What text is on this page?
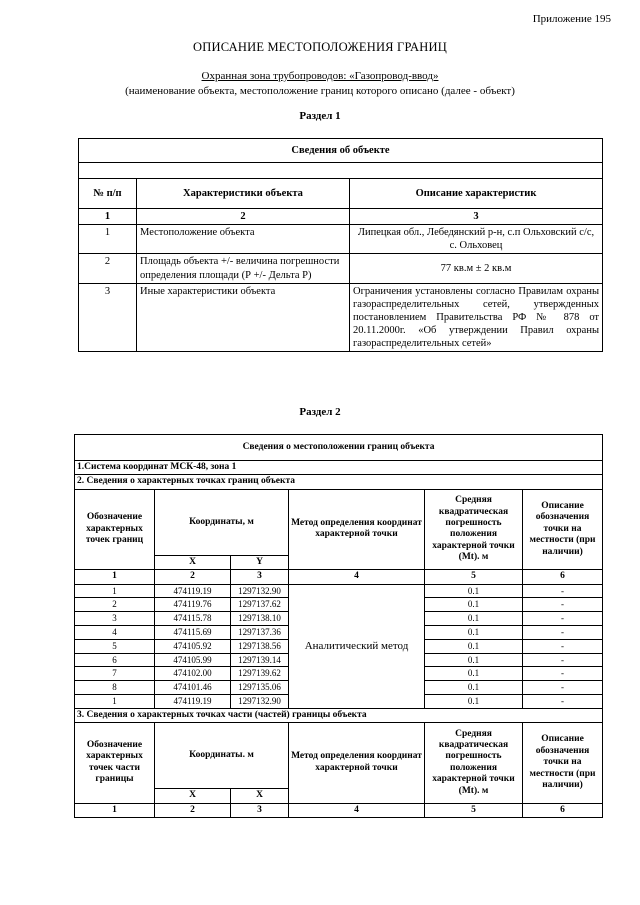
Приложение 195
ОПИСАНИЕ МЕСТОПОЛОЖЕНИЯ ГРАНИЦ
Охранная зона трубопроводов: «Газопровод-ввод»
(наименование объекта, местоположение границ которого описано (далее - объект)
Раздел 1
Сведения об объекте		

№ п/п	Характеристики объекта	Описание характеристик
1	2	3
1	Местоположение объекта	Липецкая обл., Лебедянский р-н, с.п Ольховский с/с, с. Ольховец
2	Площадь объекта +/- величина погрешности определения площади (Р +/- Дельта Р)	77 кв.м ± 2 кв.м
3	Иные характеристики объекта	Ограничения установлены согласно Правилам охраны газораспределительных сетей, утвержденных постановлением Правительства РФ № 878 от 20.11.2000г. «Об утверждении Правил охраны газораспределительных сетей»
Раздел 2
Сведения о местоположении границ объекта					
1.Система координат МСК-48, зона 1					
2. Сведения о характерных точках границ объекта					
Обозначение характерных точек границ	Координаты, м		Метод определения координат характерной точки	Средняя квадратическая погрешность положения характерной точки (Mt). м	Описание обозначения точки на местности (при наличии)
	X	Y			
1	2	3	4	5	6
1	474119.19	1297132.90	Аналитический метод	0.1	-
2	474119.76	1297137.62		0.1	-
3	474115.78	1297138.10		0.1	-
4	474115.69	1297137.36		0.1	-
5	474105.92	1297138.56		0.1	-
6	474105.99	1297139.14		0.1	-
7	474102.00	1297139.62		0.1	-
8	474101.46	1297135.06		0.1	-
1	474119.19	1297132.90		0.1	-
3. Сведения о характерных точках части (частей) границы объекта					
Обозначение характерных точек части границы	Координаты. м		Метод определения координат характерной точки	Средняя квадратическая погрешность положения характерной точки (Mt). м	Описание обозначения точки на местности (при наличии)
	X	X			
1	2	3	4	5	6
